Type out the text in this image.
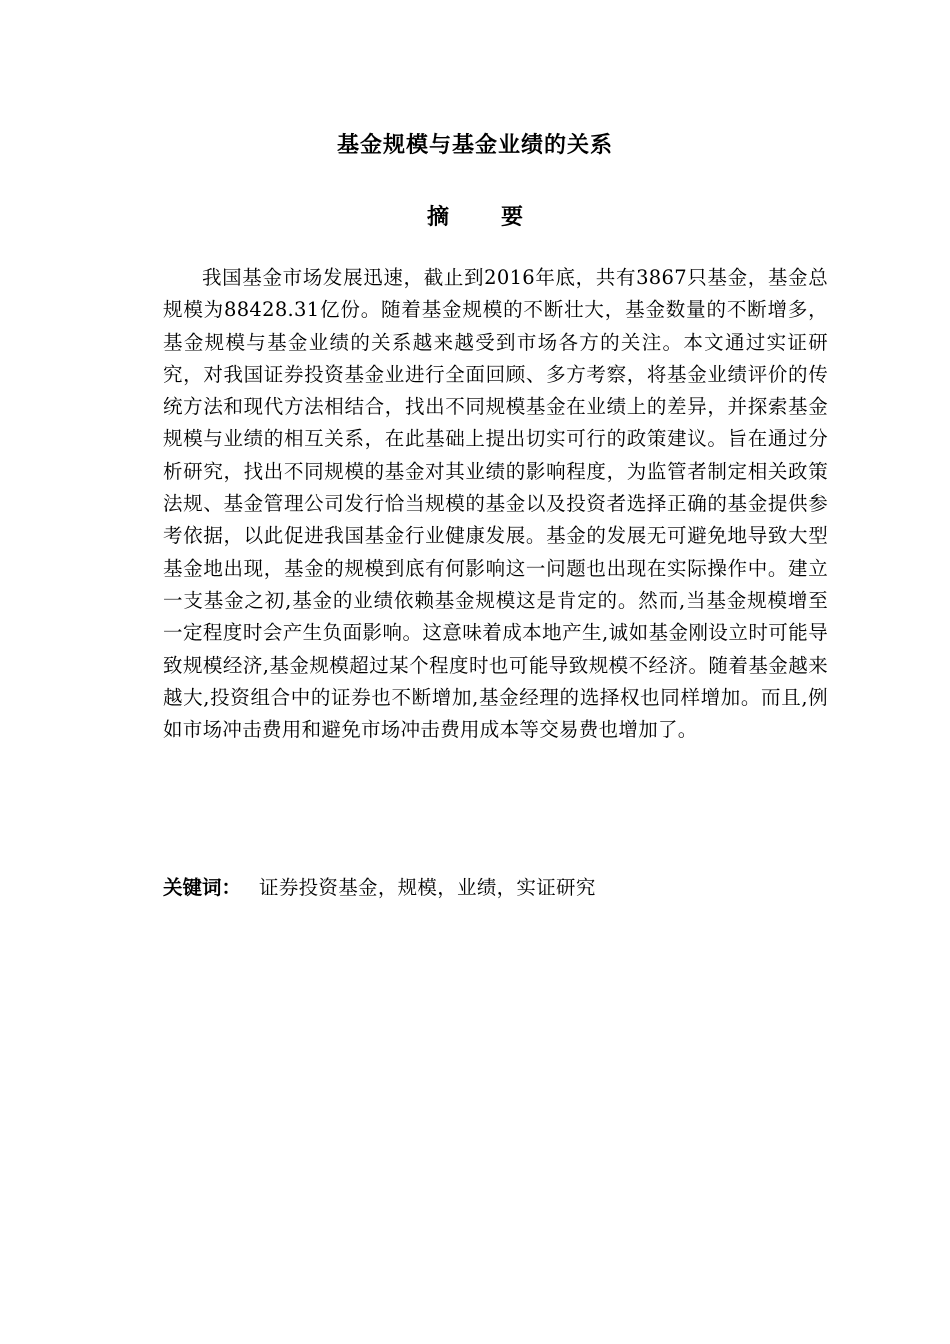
基金规模与基金业绩的关系
摘要

我国基金市场发展迅速，截止到2016年底，共有3867只基金，基金总规模为88428.31亿份。随着基金规模的不断壮大，基金数量的不断增多，基金规模与基金业绩的关系越来越受到市场各方的关注。本文通过实证研究，对我国证券投资基金业进行全面回顾、多方考察，将基金业绩评价的传统方法和现代方法相结合，找出不同规模基金在业绩上的差异，并探索基金规模与业绩的相互关系，在此基础上提出切实可行的政策建议。旨在通过分析研究，找出不同规模的基金对其业绩的影响程度，为监管者制定相关政策法规、基金管理公司发行恰当规模的基金以及投资者选择正确的基金提供参考依据，以此促进我国基金行业健康发展。基金的发展无可避免地导致大型基金地出现，基金的规模到底有何影响这一问题也出现在实际操作中。建立一支基金之初,基金的业绩依赖基金规模这是肯定的。然而,当基金规模增至一定程度时会产生负面影响。这意味着成本地产生,诚如基金刚设立时可能导致规模经济,基金规模超过某个程度时也可能导致规模不经济。随着基金越来越大,投资组合中的证券也不断增加,基金经理的选择权也同样增加。而且,例如市场冲击费用和避免市场冲击费用成本等交易费也增加了。

关键词： 证券投资基金，规模，业绩，实证研究
